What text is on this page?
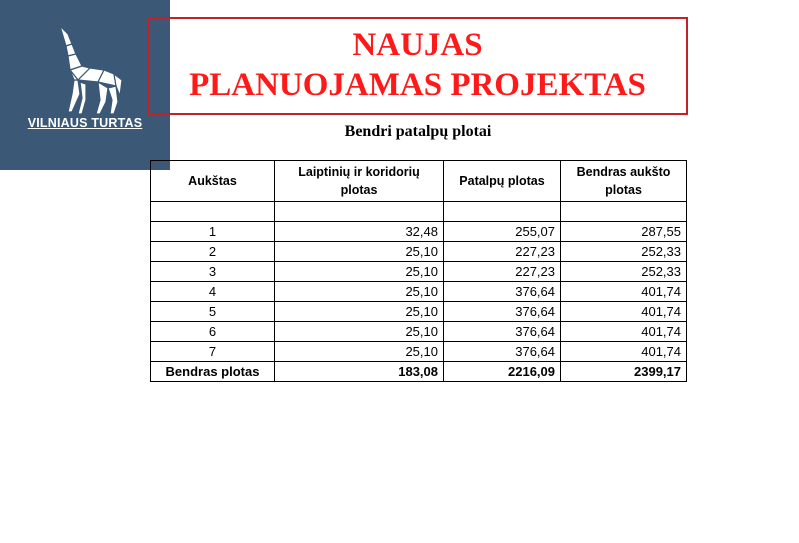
VILNIAUS TURTAS
NAUJAS
PLANUOJAMAS PROJEKTAS
Bendri patalpų plotai
Aukštas	Laiptinių ir koridorių plotas	Patalpų plotas	Bendras aukšto plotas

1	32,48	255,07	287,55
2	25,10	227,23	252,33
3	25,10	227,23	252,33
4	25,10	376,64	401,74
5	25,10	376,64	401,74
6	25,10	376,64	401,74
7	25,10	376,64	401,74
Bendras plotas	183,08	2216,09	2399,17
